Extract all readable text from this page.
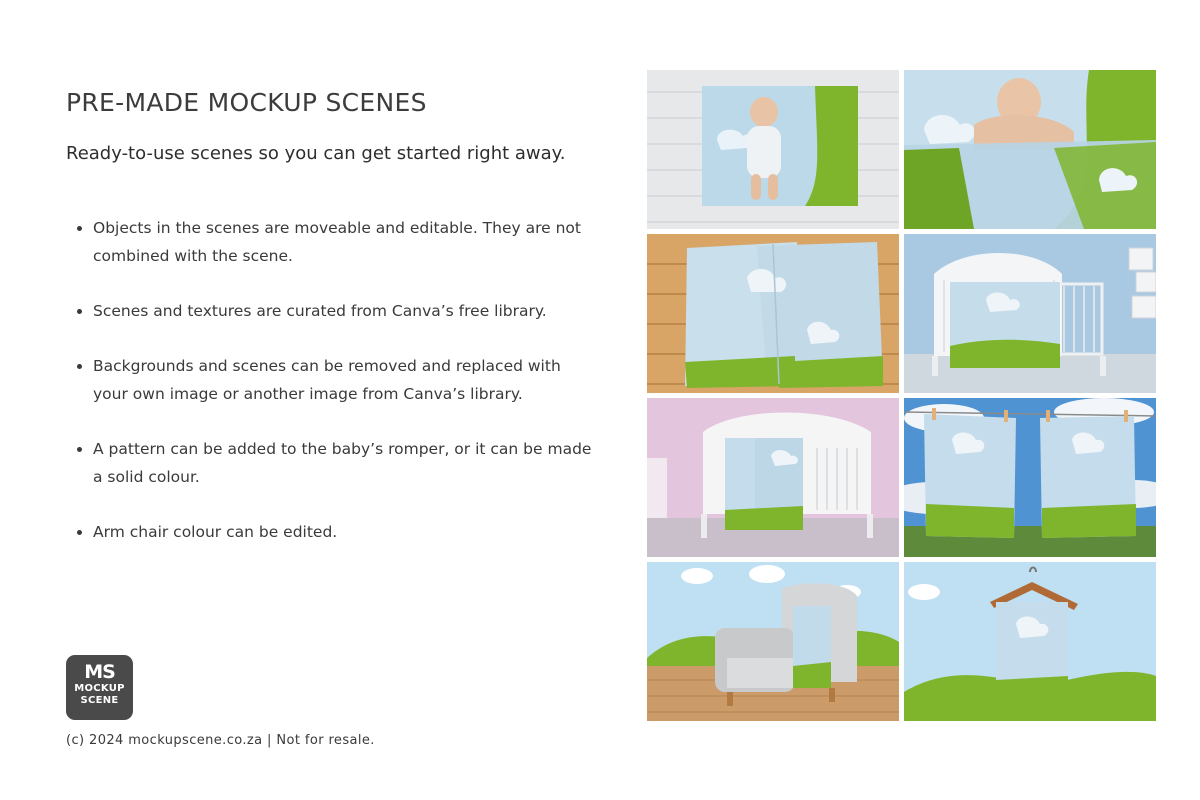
PRE-MADE MOCKUP SCENES

Ready-to-use scenes so you can get started right away.

Objects in the scenes are moveable and editable. They are not combined with the scene.
Scenes and textures are curated from Canva’s free library.
Backgrounds and scenes can be removed and replaced with your own image or another image from Canva’s library.
A pattern can be added to the baby’s romper, or it can be made a solid colour.
Arm chair colour can be edited.
MS
MOCKUP
SCENE
(c) 2024 mockupscene.co.za | Not for resale.
